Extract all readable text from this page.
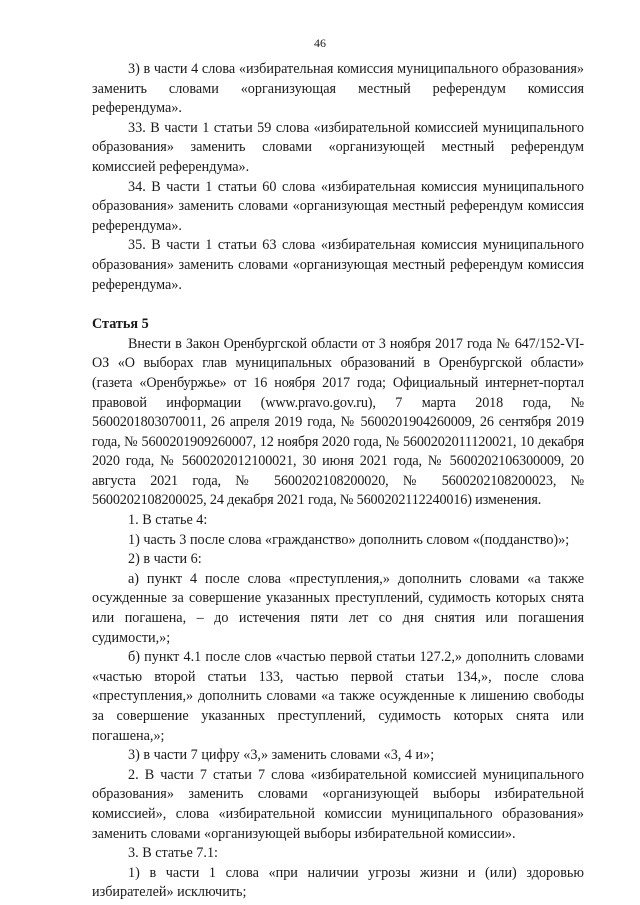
46

3) в части 4 слова «избирательная комиссия муниципального образования» заменить словами «организующая местный референдум комиссия референдума».

33. В части 1 статьи 59 слова «избирательной комиссией муниципального образования» заменить словами «организующей местный референдум комиссией референдума».

34. В части 1 статьи 60 слова «избирательная комиссия муниципального образования» заменить словами «организующая местный референдум комиссия референдума».

35. В части 1 статьи 63 слова «избирательная комиссия муниципального образования» заменить словами «организующая местный референдум комиссия референдума».

Статья 5

Внести в Закон Оренбургской области от 3 ноября 2017 года № 647/152-VI-ОЗ «О выборах глав муниципальных образований в Оренбургской области» (газета «Оренбуржье» от 16 ноября 2017 года; Официальный интернет-портал правовой информации (www.pravo.gov.ru), 7 марта 2018 года, № 5600201803070011, 26 апреля 2019 года, № 5600201904260009, 26 сентября 2019 года, № 5600201909260007, 12 ноября 2020 года, № 5600202011120021, 10 декабря 2020 года, № 5600202012100021, 30 июня 2021 года, № 5600202106300009, 20 августа 2021 года, № 5600202108200020, № 5600202108200023, № 5600202108200025, 24 декабря 2021 года, № 5600202112240016) изменения.

1. В статье 4:

1) часть 3 после слова «гражданство» дополнить словом «(подданство)»;

2) в части 6:

а) пункт 4 после слова «преступления,» дополнить словами «а также осужденные за совершение указанных преступлений, судимость которых снята или погашена, – до истечения пяти лет со дня снятия или погашения судимости,»;

б) пункт 4.1 после слов «частью первой статьи 127.2,» дополнить словами «частью второй статьи 133, частью первой статьи 134,», после слова «преступления,» дополнить словами «а также осужденные к лишению свободы за совершение указанных преступлений, судимость которых снята или погашена,»;

3) в части 7 цифру «3,» заменить словами «3, 4 и»;

2. В части 7 статьи 7 слова «избирательной комиссией муниципального образования» заменить словами «организующей выборы избирательной комиссией», слова «избирательной комиссии муниципального образования» заменить словами «организующей выборы избирательной комиссии».

3. В статье 7.1:

1) в части 1 слова «при наличии угрозы жизни и (или) здоровью избирателей» исключить;
